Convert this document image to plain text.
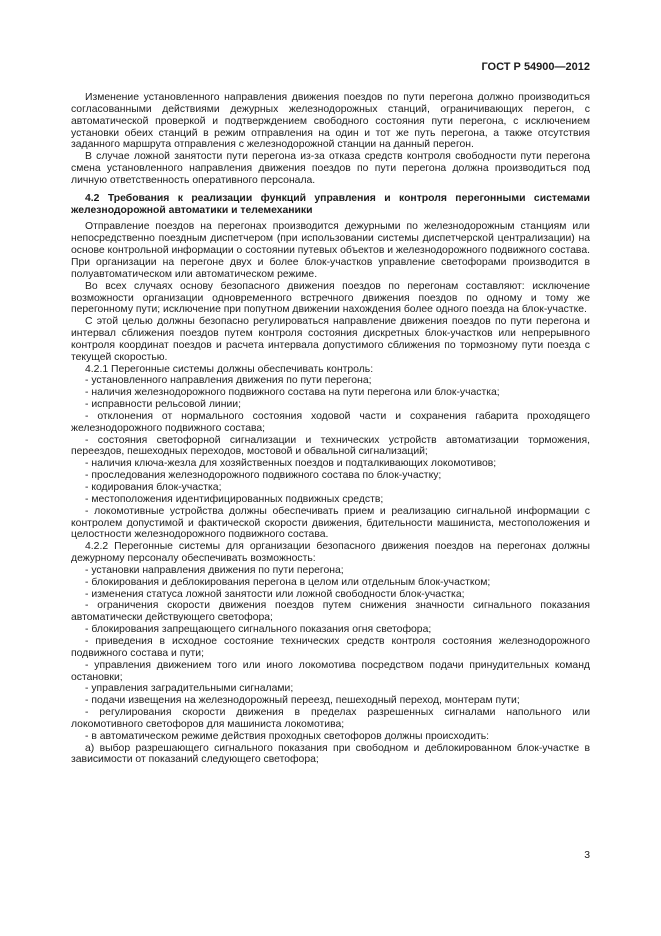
ГОСТ Р 54900—2012

Изменение установленного направления движения поездов по пути перегона должно производиться согласованными действиями дежурных железнодорожных станций, ограничивающих перегон, с автоматической проверкой и подтверждением свободного состояния пути перегона, с исключением установки обеих станций в режим отправления на один и тот же путь перегона, а также отсутствия заданного маршрута отправления с железнодорожной станции на данный перегон.

В случае ложной занятости пути перегона из-за отказа средств контроля свободности пути перегона смена установленного направления движения поездов по пути перегона должна производиться под личную ответственность оперативного персонала.

4.2 Требования к реализации функций управления и контроля перегонными системами железнодорожной автоматики и телемеханики

Отправление поездов на перегонах производится дежурными по железнодорожным станциям или непосредственно поездным диспетчером (при использовании системы диспетчерской централизации) на основе контрольной информации о состоянии путевых объектов и железнодорожного подвижного состава. При организации на перегоне двух и более блок-участков управление светофорами производится в полуавтоматическом или автоматическом режиме.

Во всех случаях основу безопасного движения поездов по перегонам составляют: исключение возможности организации одновременного встречного движения поездов по одному и тому же перегонному пути; исключение при попутном движении нахождения более одного поезда на блок-участке.

С этой целью должны безопасно регулироваться направление движения поездов по пути перегона и интервал сближения поездов путем контроля состояния дискретных блок-участков или непрерывного контроля координат поездов и расчета интервала допустимого сближения по тормозному пути поезда с текущей скоростью.

4.2.1 Перегонные системы должны обеспечивать контроль:

- установленного направления движения по пути перегона;

- наличия железнодорожного подвижного состава на пути перегона или блок-участка;

- исправности рельсовой линии;

- отклонения от нормального состояния ходовой части и сохранения габарита проходящего железнодорожного подвижного состава;

- состояния светофорной сигнализации и технических устройств автоматизации торможения, переездов, пешеходных переходов, мостовой и обвальной сигнализаций;

- наличия ключа-жезла для хозяйственных поездов и подталкивающих локомотивов;

- проследования железнодорожного подвижного состава по блок-участку;

- кодирования блок-участка;

- местоположения идентифицированных подвижных средств;

- локомотивные устройства должны обеспечивать прием и реализацию сигнальной информации с контролем допустимой и фактической скорости движения, бдительности машиниста, местоположения и целостности железнодорожного подвижного состава.

4.2.2 Перегонные системы для организации безопасного движения поездов на перегонах должны дежурному персоналу обеспечивать возможность:

- установки направления движения по пути перегона;

- блокирования и деблокирования перегона в целом или отдельным блок-участком;

- изменения статуса ложной занятости или ложной свободности блок-участка;

- ограничения скорости движения поездов путем снижения значности сигнального показания автоматически действующего светофора;

- блокирования запрещающего сигнального показания огня светофора;

- приведения в исходное состояние технических средств контроля состояния железнодорожного подвижного состава и пути;

- управления движением того или иного локомотива посредством подачи принудительных команд остановки;

- управления заградительными сигналами;

- подачи извещения на железнодорожный переезд, пешеходный переход, монтерам пути;

- регулирования скорости движения в пределах разрешенных сигналами напольного или локомотивного светофоров для машиниста локомотива;

- в автоматическом режиме действия проходных светофоров должны происходить:

а) выбор разрешающего сигнального показания при свободном и деблокированном блок-участке в зависимости от показаний следующего светофора;

3
